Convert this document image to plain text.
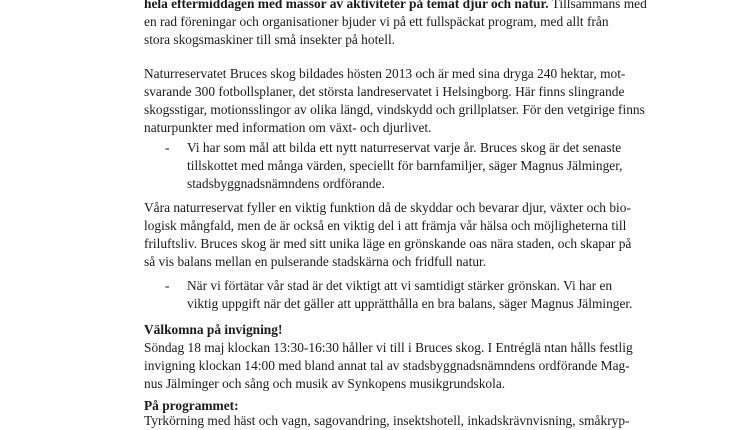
hela eftermiddagen med massor av aktiviteter på temat djur och natur. Tillsammans med
en rad föreningar och organisationer bjuder vi på ett fullspäckat program, med allt från
stora skogsmaskiner till små insekter på hotell.
Naturreservatet Bruces skog bildades hösten 2013 och är med sina dryga 240 hektar, mot-
svarande 300 fotbollsplaner, det största landreservatet i Helsingborg. Här finns slingrande
skogsstigar, motionsslingor av olika längd, vindskydd och grillplatser. För den vetgirige finns
naturpunkter med information om växt- och djurlivet.
- Vi har som mål att bilda ett nytt naturreservat varje år. Bruces skog är det senaste
tillskottet med många värden, speciellt för barnfamiljer, säger Magnus Jälminger,
stadsbyggnadsnämndens ordförande.
Våra naturreservat fyller en viktig funktion då de skyddar och bevarar djur, växter och bio-
logisk mångfald, men de är också en viktig del i att främja vår hälsa och möjligheterna till
friluftsliv. Bruces skog är med sitt unika läge en grönskande oas nära staden, och skapar på
så vis balans mellan en pulserande stadskärna och fridfull natur.
- När vi förtätar vår stad är det viktigt att vi samtidigt stärker grönskan. Vi har en
viktig uppgift när det gäller att upprätthålla en bra balans, säger Magnus Jälminger.
Välkomna på invigning!
Söndag 18 maj klockan 13:30-16:30 håller vi till i Bruces skog. I Entréglä ntan hålls festlig
invigning klockan 14:00 med bland annat tal av stadsbyggnadsnämndens ordförande Mag-
nus Jälminger och sång och musik av Synkopens musikgrundskola.
På programmet:
Tyrkörning med häst och vagn, sagovandring, insektshotell, inkadskrävnvisning, småkryp-
